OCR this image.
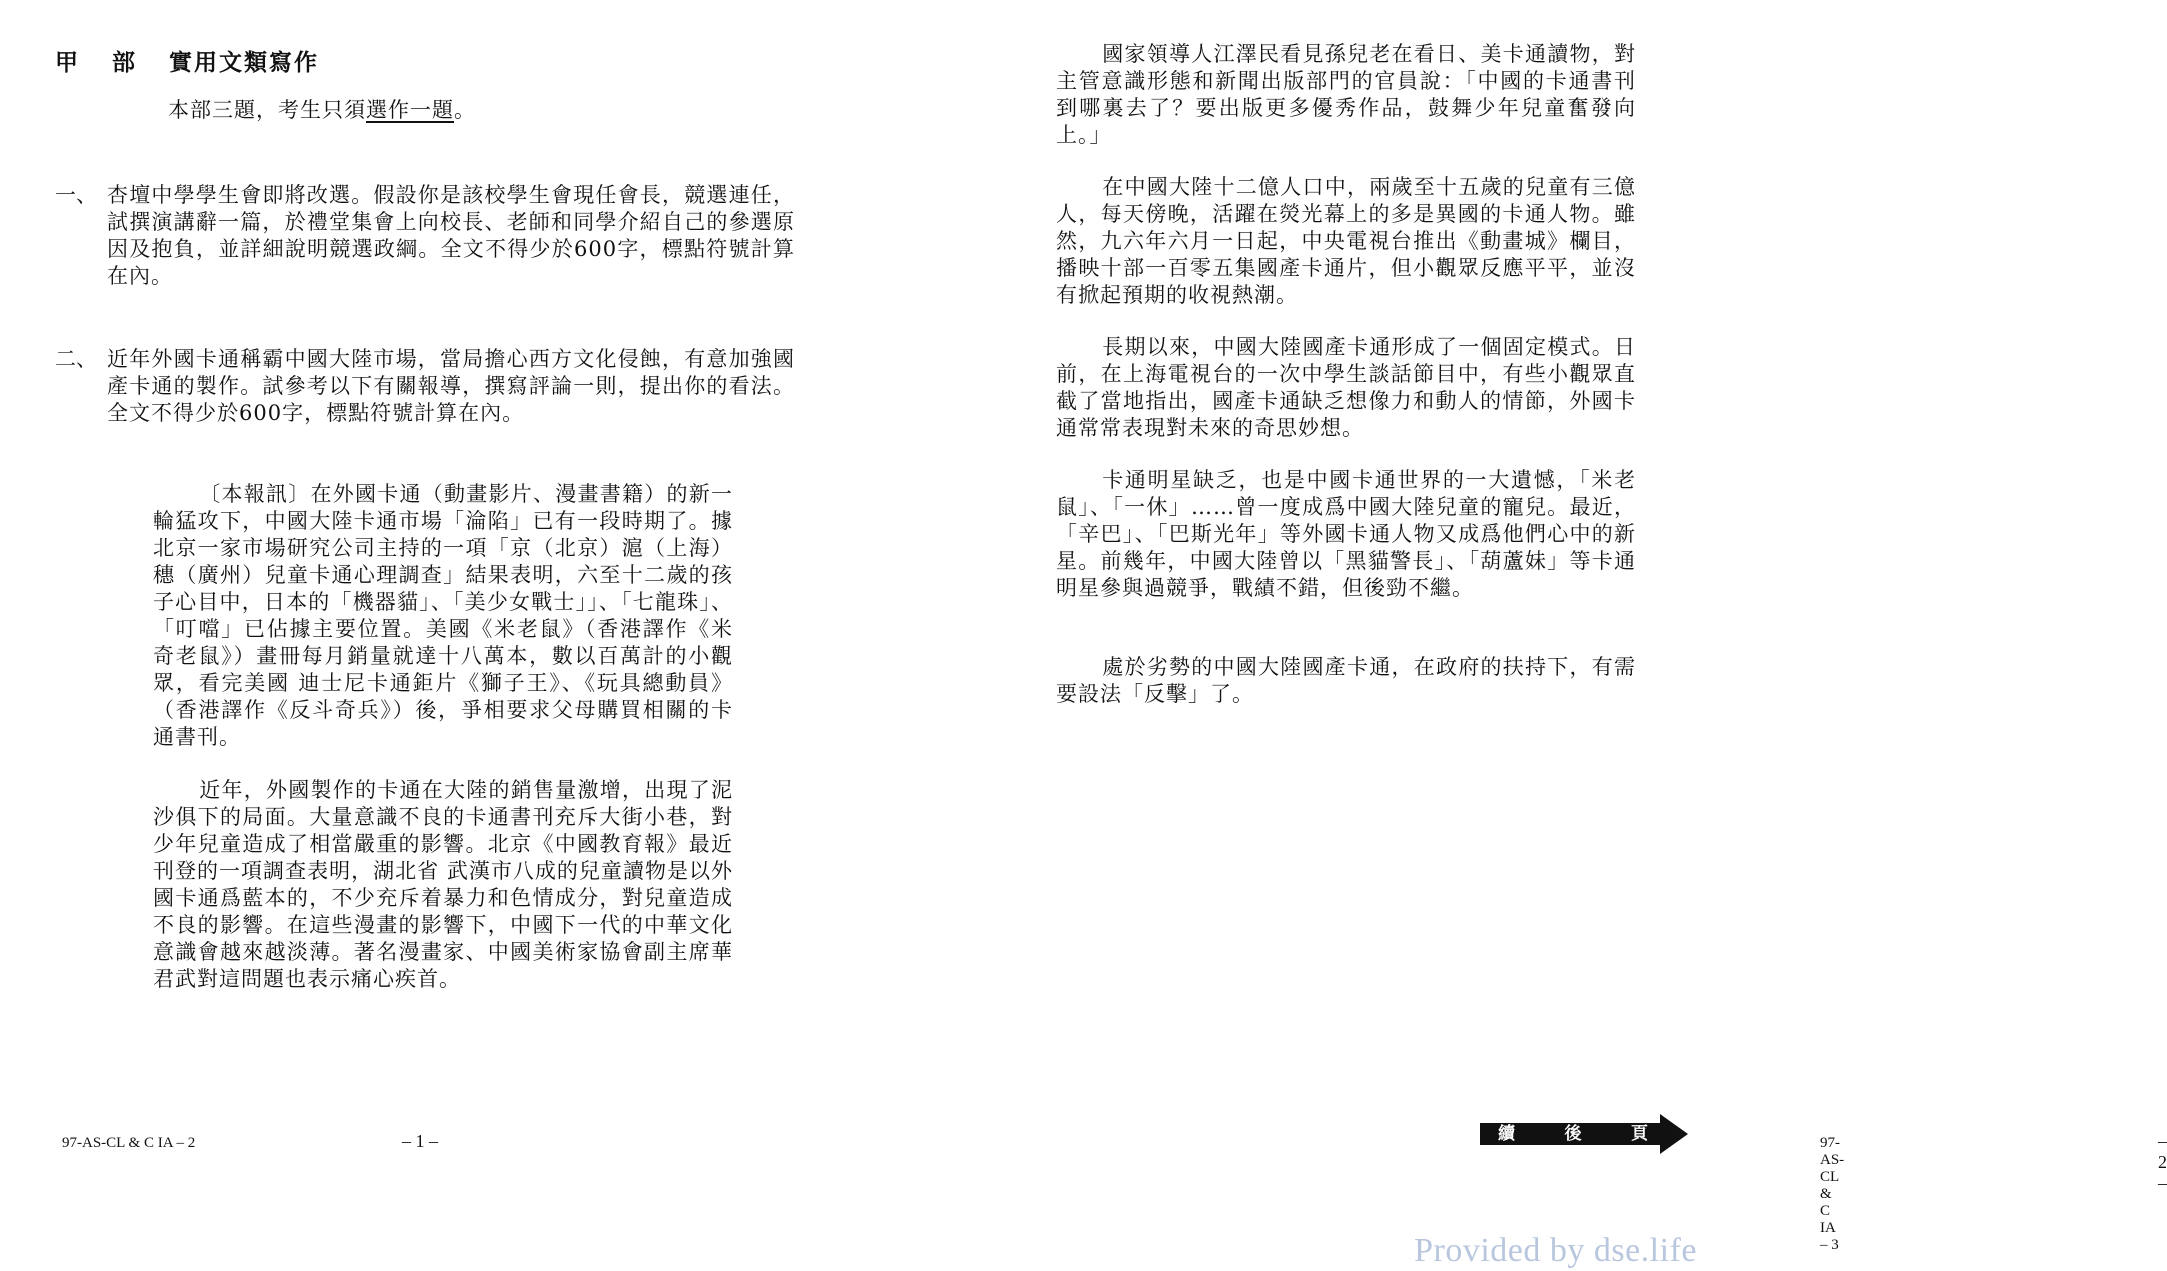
甲 部 實用文類寫作
本部三題，考生只須選作一題。
一、 杏壇中學學生會即將改選。假設你是該校學生會現任會長，競選連任，試撰演講辭一篇，於禮堂集會上向校長、老師和同學介紹自己的參選原因及抱負，並詳細說明競選政綱。全文不得少於600字，標點符號計算在內。
二、 近年外國卡通稱霸中國大陸市場，當局擔心西方文化侵蝕，有意加強國產卡通的製作。試參考以下有關報導，撰寫評論一則，提出你的看法。全文不得少於600字，標點符號計算在內。

〔本報訊〕在外國卡通（動畫影片、漫畫書籍）的新一輪猛攻下，中國大陸卡通市場「淪陷」已有一段時期了。據北京一家市場研究公司主持的一項「京（北京）滬（上海）穗（廣州）兒童卡通心理調查」結果表明，六至十二歲的孩子心目中，日本的「機器貓」、「美少女戰士」」、「七龍珠」、「叮噹」已佔據主要位置。美國《米老鼠》（香港譯作《米奇老鼠》）畫冊每月銷量就達十八萬本，數以百萬計的小觀眾，看完美國 迪士尼卡通鉅片《獅子王》、《玩具總動員》（香港譯作《反斗奇兵》）後，爭相要求父母購買相關的卡通書刊。

近年，外國製作的卡通在大陸的銷售量激增，出現了泥沙俱下的局面。大量意識不良的卡通書刊充斥大街小巷，對少年兒童造成了相當嚴重的影響。北京《中國教育報》最近刊登的一項調查表明，湖北省 武漢市八成的兒童讀物是以外國卡通爲藍本的，不少充斥着暴力和色情成分，對兒童造成不良的影響。在這些漫畫的影響下，中國下一代的中華文化意識會越來越淡薄。著名漫畫家、中國美術家協會副主席華君武對這問題也表示痛心疾首。

97-AS-CL & C IA – 2	– 1 –

國家領導人江澤民看見孫兒老在看日、美卡通讀物，對主管意識形態和新聞出版部門的官員說：「中國的卡通書刊到哪裏去了？要出版更多優秀作品，鼓舞少年兒童奮發向上。」

在中國大陸十二億人口中，兩歲至十五歲的兒童有三億人，每天傍晚，活躍在熒光幕上的多是異國的卡通人物。雖然，九六年六月一日起，中央電視台推出《動畫城》欄目，播映十部一百零五集國產卡通片，但小觀眾反應平平，並沒有掀起預期的收視熱潮。

長期以來，中國大陸國產卡通形成了一個固定模式。日前，在上海電視台的一次中學生談話節目中，有些小觀眾直截了當地指出，國產卡通缺乏想像力和動人的情節，外國卡通常常表現對未來的奇思妙想。

卡通明星缺乏，也是中國卡通世界的一大遺憾，「米老鼠」、「一休」……曾一度成爲中國大陸兒童的寵兒。最近，「辛巴」、「巴斯光年」等外國卡通人物又成爲他們心中的新星。前幾年，中國大陸曾以「黑貓警長」、「葫蘆妹」等卡通明星參與過競爭，戰績不錯，但後勁不繼。

處於劣勢的中國大陸國產卡通，在政府的扶持下，有需要設法「反擊」了。

97-AS-CL & C IA – 3
– 2 –
續	後	頁
Provided by dse.life
